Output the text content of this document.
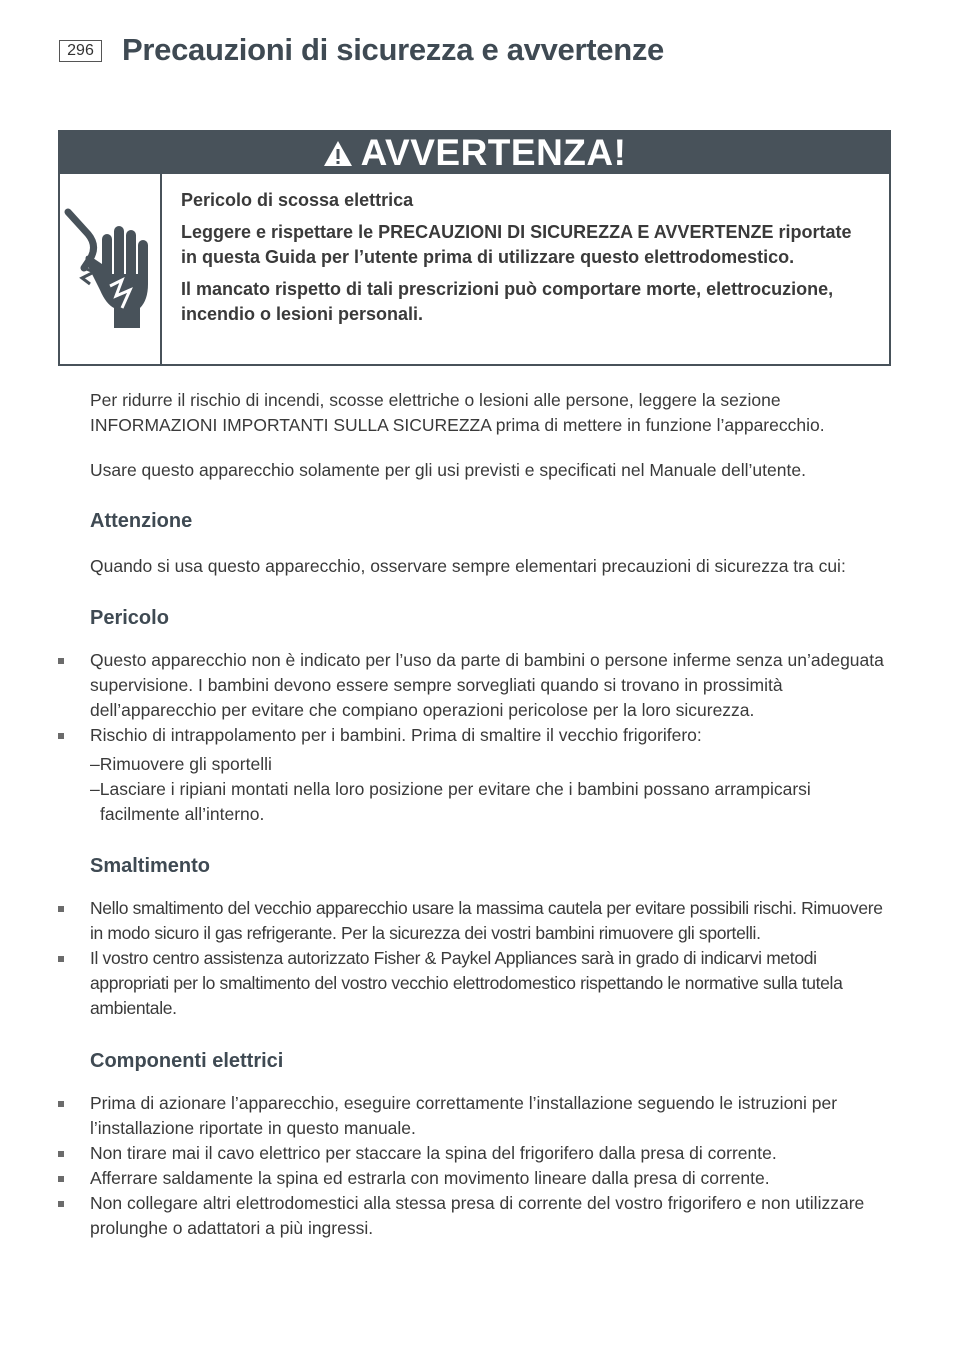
296 Precauzioni di sicurezza e avvertenze
AVVERTENZA!

Pericolo di scossa elettrica

Leggere e rispettare le PRECAUZIONI DI SICUREZZA E AVVERTENZE riportate in questa Guida per l’utente prima di utilizzare questo elettrodomestico.

Il mancato rispetto di tali prescrizioni può comportare morte, elettrocuzione, incendio o lesioni personali.

Per ridurre il rischio di incendi, scosse elettriche o lesioni alle persone, leggere la sezione INFORMAZIONI IMPORTANTI SULLA SICUREZZA prima di mettere in funzione l’apparecchio.

Usare questo apparecchio solamente per gli usi previsti e specificati nel Manuale dell’utente.

Attenzione

Quando si usa questo apparecchio, osservare sempre elementari precauzioni di sicurezza tra cui:

Pericolo
Questo apparecchio non è indicato per l’uso da parte di bambini o persone inferme senza un’adeguata supervisione. I bambini devono essere sempre sorvegliati quando si trovano in prossimità dell’apparecchio per evitare che compiano operazioni pericolose per la loro sicurezza.
Rischio di intrappolamento per i bambini. Prima di smaltire il vecchio frigorifero:

–Rimuovere gli sportelli

–Lasciare i ripiani montati nella loro posizione per evitare che i bambini possano arrampicarsi facilmente all’interno.

Smaltimento
Nello smaltimento del vecchio apparecchio usare la massima cautela per evitare possibili rischi. Rimuovere in modo sicuro il gas refrigerante. Per la sicurezza dei vostri bambini rimuovere gli sportelli.
Il vostro centro assistenza autorizzato Fisher & Paykel Appliances sarà in grado di indicarvi metodi appropriati per lo smaltimento del vostro vecchio elettrodomestico rispettando le normative sulla tutela ambientale.
Componenti elettrici
Prima di azionare l’apparecchio, eseguire correttamente l’installazione seguendo le istruzioni per l’installazione riportate in questo manuale.
Non tirare mai il cavo elettrico per staccare la spina del frigorifero dalla presa di corrente.
Afferrare saldamente la spina ed estrarla con movimento lineare dalla presa di corrente.
Non collegare altri elettrodomestici alla stessa presa di corrente del vostro frigorifero e non utilizzare prolunghe o adattatori a più ingressi.
